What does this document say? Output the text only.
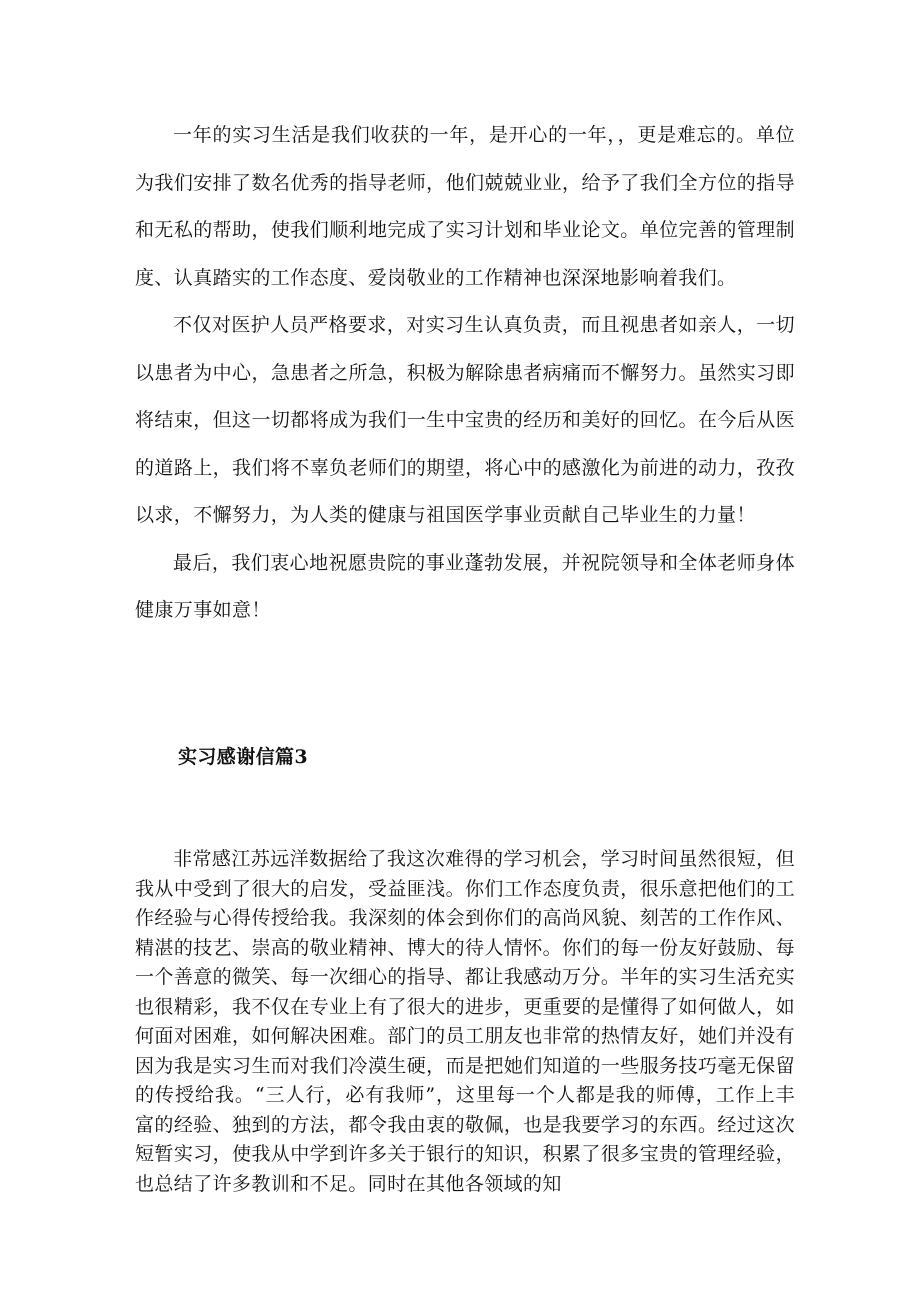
一年的实习生活是我们收获的一年，是开心的一年，，更是难忘的。单位为我们安排了数名优秀的指导老师，他们兢兢业业，给予了我们全方位的指导和无私的帮助，使我们顺利地完成了实习计划和毕业论文。单位完善的管理制度、认真踏实的工作态度、爱岗敬业的工作精神也深深地影响着我们。

不仅对医护人员严格要求，对实习生认真负责，而且视患者如亲人，一切以患者为中心，急患者之所急，积极为解除患者病痛而不懈努力。虽然实习即将结束，但这一切都将成为我们一生中宝贵的经历和美好的回忆。在今后从医的道路上，我们将不辜负老师们的期望，将心中的感激化为前进的动力，孜孜以求，不懈努力，为人类的健康与祖国医学事业贡献自己毕业生的力量！

最后，我们衷心地祝愿贵院的事业蓬勃发展，并祝院领导和全体老师身体健康万事如意！

实习感谢信篇3

非常感江苏远洋数据给了我这次难得的学习机会，学习时间虽然很短，但我从中受到了很大的启发，受益匪浅。你们工作态度负责，很乐意把他们的工作经验与心得传授给我。我深刻的体会到你们的高尚风貌、刻苦的工作作风、精湛的技艺、崇高的敬业精神、博大的待人情怀。你们的每一份友好鼓励、每一个善意的微笑、每一次细心的指导、都让我感动万分。半年的实习生活充实也很精彩，我不仅在专业上有了很大的进步，更重要的是懂得了如何做人，如何面对困难，如何解决困难。部门的员工朋友也非常的热情友好，她们并没有因为我是实习生而对我们冷漠生硬，而是把她们知道的一些服务技巧毫无保留的传授给我。“三人行，必有我师”，这里每一个人都是我的师傅，工作上丰富的经验、独到的方法，都令我由衷的敬佩，也是我要学习的东西。经过这次短暂实习，使我从中学到许多关于银行的知识，积累了很多宝贵的管理经验，也总结了许多教训和不足。同时在其他各领域的知
